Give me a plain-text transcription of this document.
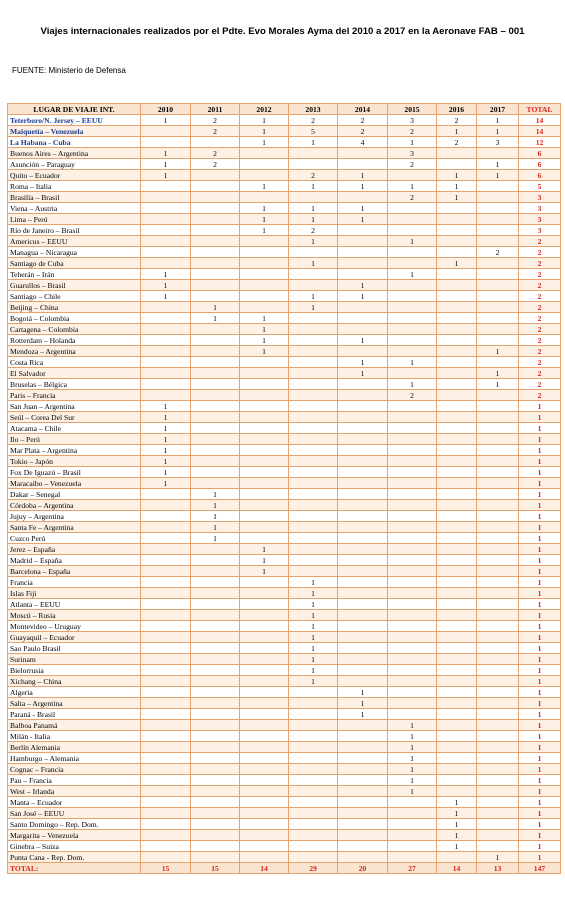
Viajes internacionales realizados por el Pdte. Evo Morales Ayma del 2010 a 2017 en la Aeronave FAB – 001
FUENTE: Ministerio de Defensa
LUGAR DE VIAJE INT.	2010	2011	2012	2013	2014	2015	2016	2017	TOTAL
Teterboro/N. Jersey – EEUU	1	2	1	2	2	3	2	1	14
Maiquetía – Venezuela		2	1	5	2	2	1	1	14
La Habana - Cuba			1	1	4	1	2	3	12
Buenos Aires – Argentina	1	2				3			6
Asunción – Paraguay	1	2				2		1	6
Quito – Ecuador	1			2	1		1	1	6
Roma – Italia			1	1	1	1	1		5
Brasilia – Brasil						2	1		3
Viena – Austria			1	1	1				3
Lima – Perú			1	1	1				3
Río de Janeiro – Brasil			1	2					3
Americus – EEUU				1		1			2
Managua – Nicaragua								2	2
Santiago de Cuba				1			1		2
Teherán – Irán	1					1			2
Guarullos – Brasil	1				1				2
Santiago – Chile	1			1	1				2
Beijing – China		1		1					2
Bogotá – Colombia		1	1						2
Cartagena – Colombia			1						2
Rotterdam – Holanda			1		1				2
Mendoza – Argentina			1					1	2
Costa Rica					1	1			2
El Salvador					1			1	2
Bruselas – Bélgica						1		1	2
Paris – Francia						2			2
San Juan – Argentina	1								1
Seúl – Corea Del Sur	1								1
Atacama – Chile	1								1
Ilo – Perú	1								1
Mar Plata – Argentina	1								1
Tokio – Japón	1								1
Fox De Iguazú – Brasil	1								1
Maracaibo – Venezuela	1								1
Dakar – Senegal		1							1
Córdoba – Argentina		1							1
Jujuy – Argentina		1							1
Santa Fe – Argentina		1							1
Cuzco Perú		1							1
Jerez – España			1						1
Madrid – España			1						1
Barcelona – España			1						1
Francia				1					1
Islas Fiji				1					1
Atlanta – EEUU				1					1
Moscú – Rusia				1					1
Montevideo – Uruguay				1					1
Guayaquil – Ecuador				1					1
Sao Paulo Brasil				1					1
Surinam				1					1
Bielorrusia				1					1
Xichang – China				1					1
Algeria					1				1
Salta – Argentina					1				1
Paraná - Brasil					1				1
Balboa Panamá						1			1
Milán - Italia						1			1
Berlín Alemania						1			1
Hamburgo – Alemania						1			1
Cognac – Francia						1			1
Pau – Francia						1			1
West – Irlanda						1			1
Manta – Ecuador							1		1
San José – EEUU							1		1
Santo Domingo – Rep. Dom.							1		1
Margarita – Venezuela							1		1
Ginebra – Suiza							1		1
Punta Cana - Rep. Dom.								1	1
TOTAL:	15	15	14	29	20	27	14	13	147
